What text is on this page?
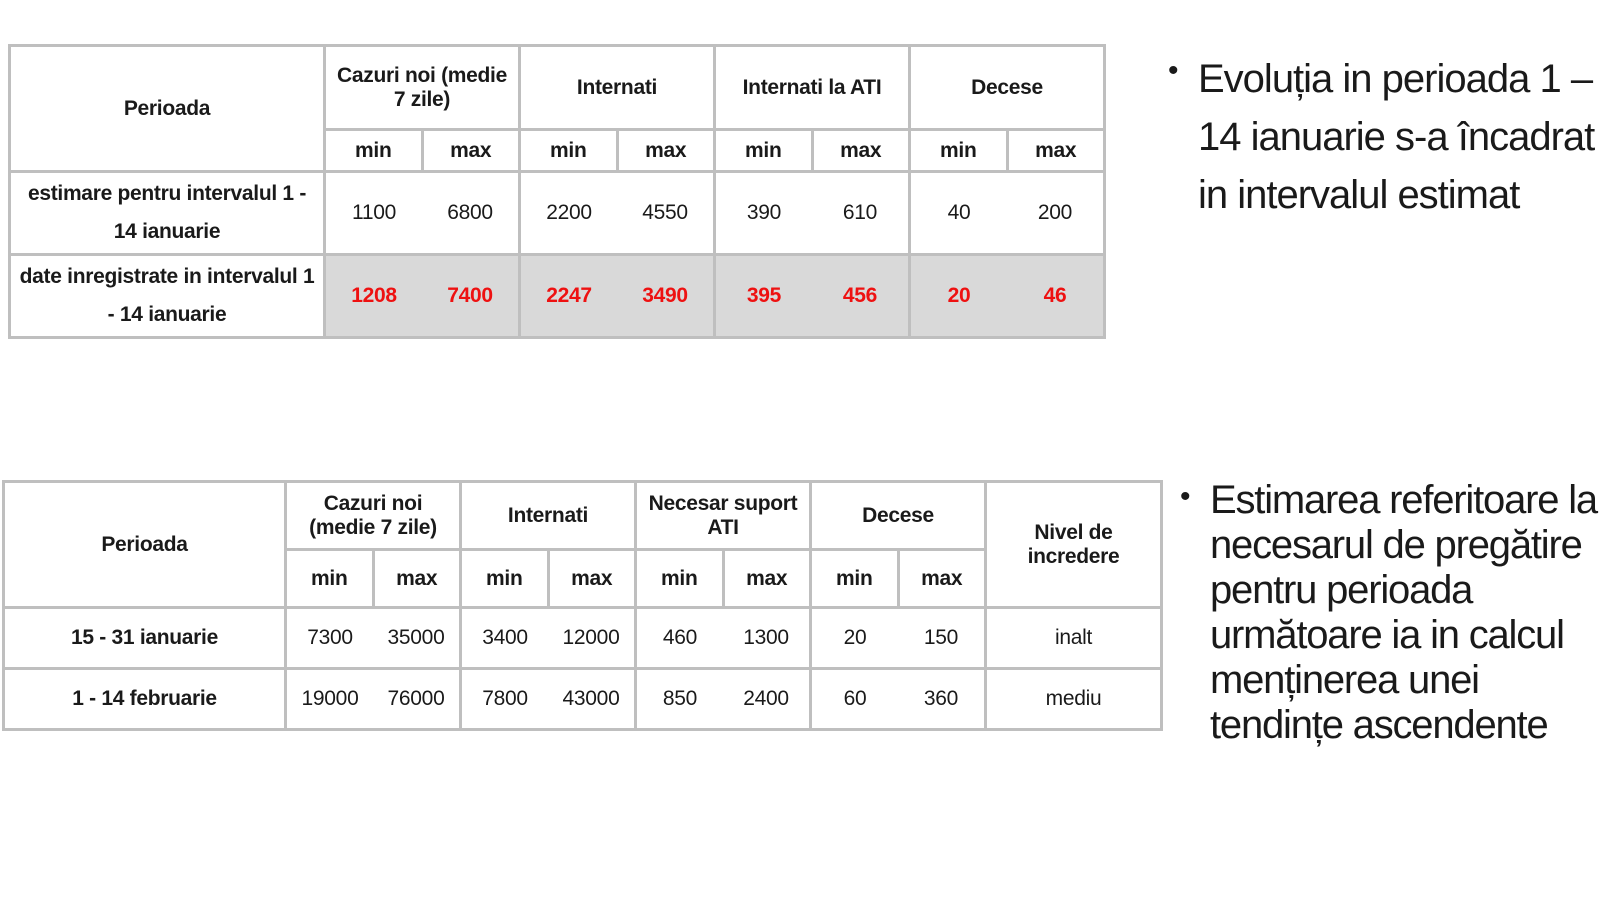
Perioada	Cazuri noi (medie 7 zile)		Internati		Internati la ATI		Decese	
	min	max	min	max	min	max	min	max
estimare pentru intervalul 1 - 14 ianuarie	1100	6800	2200	4550	390	610	40	200
date inregistrate in intervalul 1 - 14 ianuarie	1208	7400	2247	3490	395	456	20	46
• Evoluția in perioada 1 – 14 ianuarie s-a încadrat in intervalul estimat
Perioada	Cazuri noi (medie 7 zile)		Internati		Necesar suport ATI		Decese		Nivel de incredere
	min	max	min	max	min	max	min	max	
15 - 31 ianuarie	7300	35000	3400	12000	460	1300	20	150	inalt
1 - 14 februarie	19000	76000	7800	43000	850	2400	60	360	mediu
• Estimarea referitoare la necesarul de pregătire pentru perioada următoare ia in calcul menținerea unei tendințe ascendente
